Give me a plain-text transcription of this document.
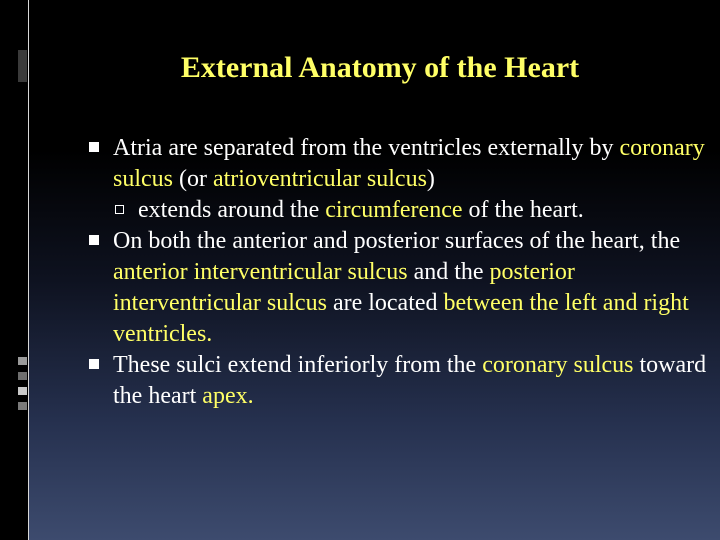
External Anatomy of the Heart
Atria are separated from the ventricles externally by coronary sulcus (or atrioventricular sulcus)
extends around the circumference of the heart.
On both the anterior and posterior surfaces of the heart, the anterior interventricular sulcus and the posterior interventricular sulcus are located between the left and right ventricles.
These sulci extend inferiorly from the coronary sulcus toward the heart apex.
